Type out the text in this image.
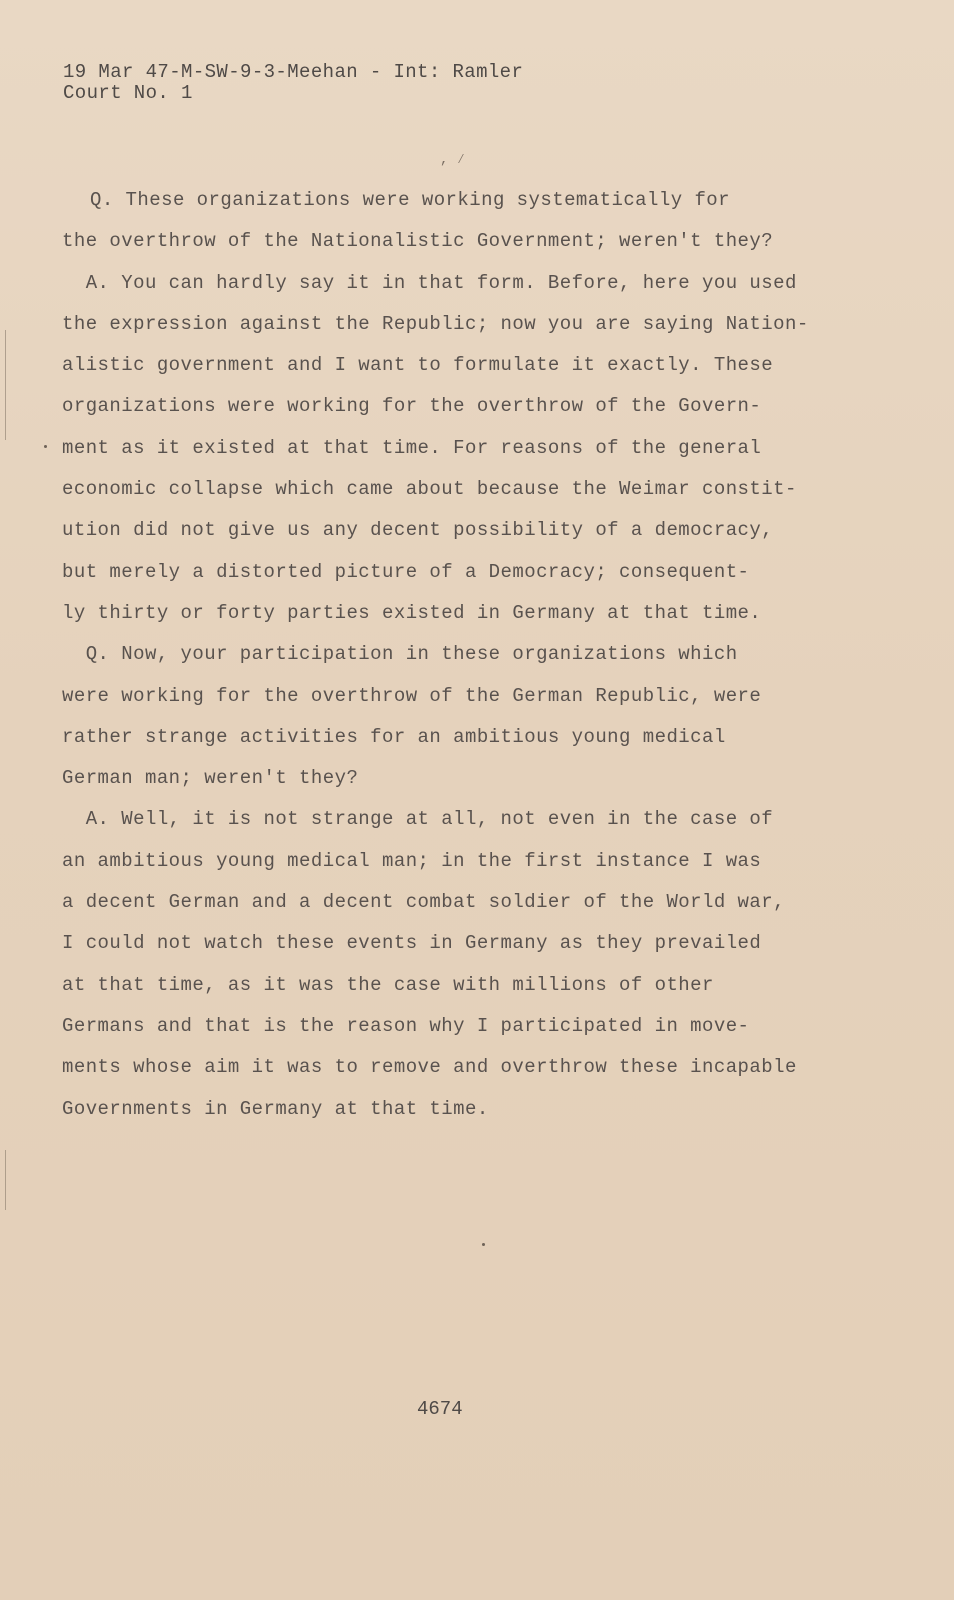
19 Mar 47-M-SW-9-3-Meehan - Int: Ramler
Court No. 1
, ⁄
Q. These organizations were working systematically for
the overthrow of the Nationalistic Government; weren't they?
A. You can hardly say it in that form. Before, here you used
the expression against the Republic; now you are saying Nation-
alistic government and I want to formulate it exactly. These
organizations were working for the overthrow of the Govern-
ment as it existed at that time. For reasons of the general
economic collapse which came about because the Weimar constit-
ution did not give us any decent possibility of a democracy,
but merely a distorted picture of a Democracy; consequent-
ly thirty or forty parties existed in Germany at that time.
Q. Now, your participation in these organizations which
were working for the overthrow of the German Republic, were
rather strange activities for an ambitious young medical
German man; weren't they?
A. Well, it is not strange at all, not even in the case of
an ambitious young medical man; in the first instance I was
a decent German and a decent combat soldier of the World war,
I could not watch these events in Germany as they prevailed
at that time, as it was the case with millions of other
Germans and that is the reason why I participated in move-
ments whose aim it was to remove and overthrow these incapable
Governments in Germany at that time.
4674
